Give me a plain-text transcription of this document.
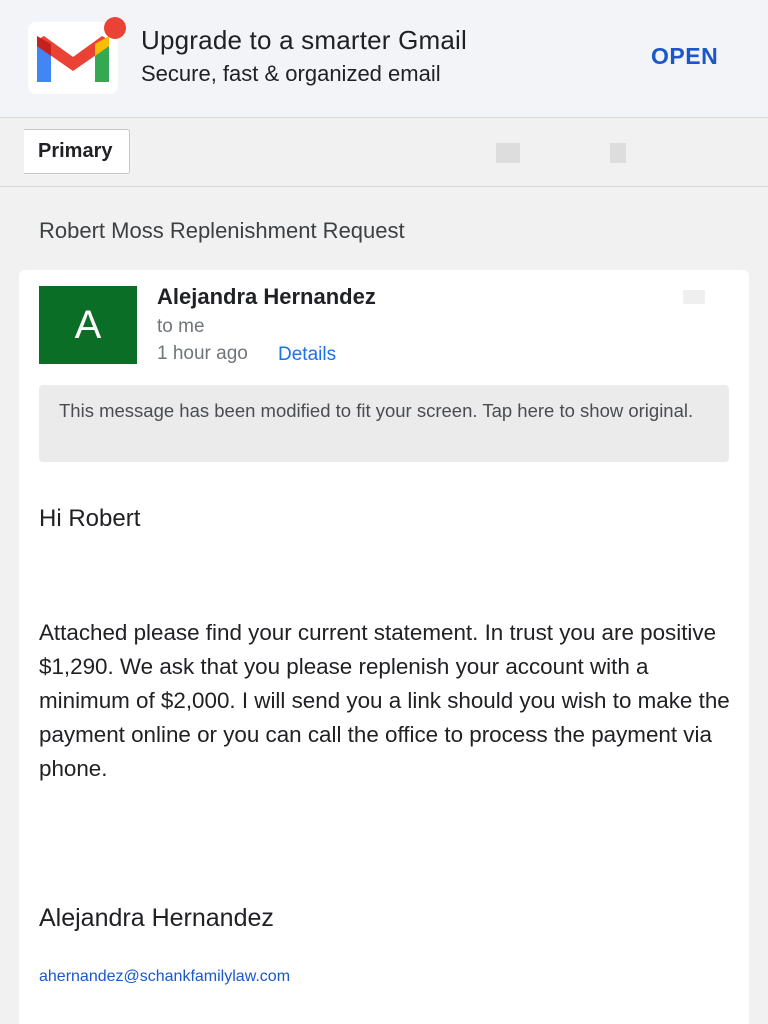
Upgrade to a smarter Gmail
Secure, fast & organized email
OPEN
Primary
Robert Moss Replenishment Request
A
Alejandra Hernandez
to me
1 hour ago Details
This message has been modified to fit your screen. Tap here to show original.
Hi Robert
Attached please find your current statement. In trust you are positive $1,290. We ask that you please replenish your account with a minimum of $2,000. I will send you a link should you wish to make the payment online or you can call the office to process the payment via phone.
Alejandra Hernandez
ahernandez@schankfamilylaw.com
